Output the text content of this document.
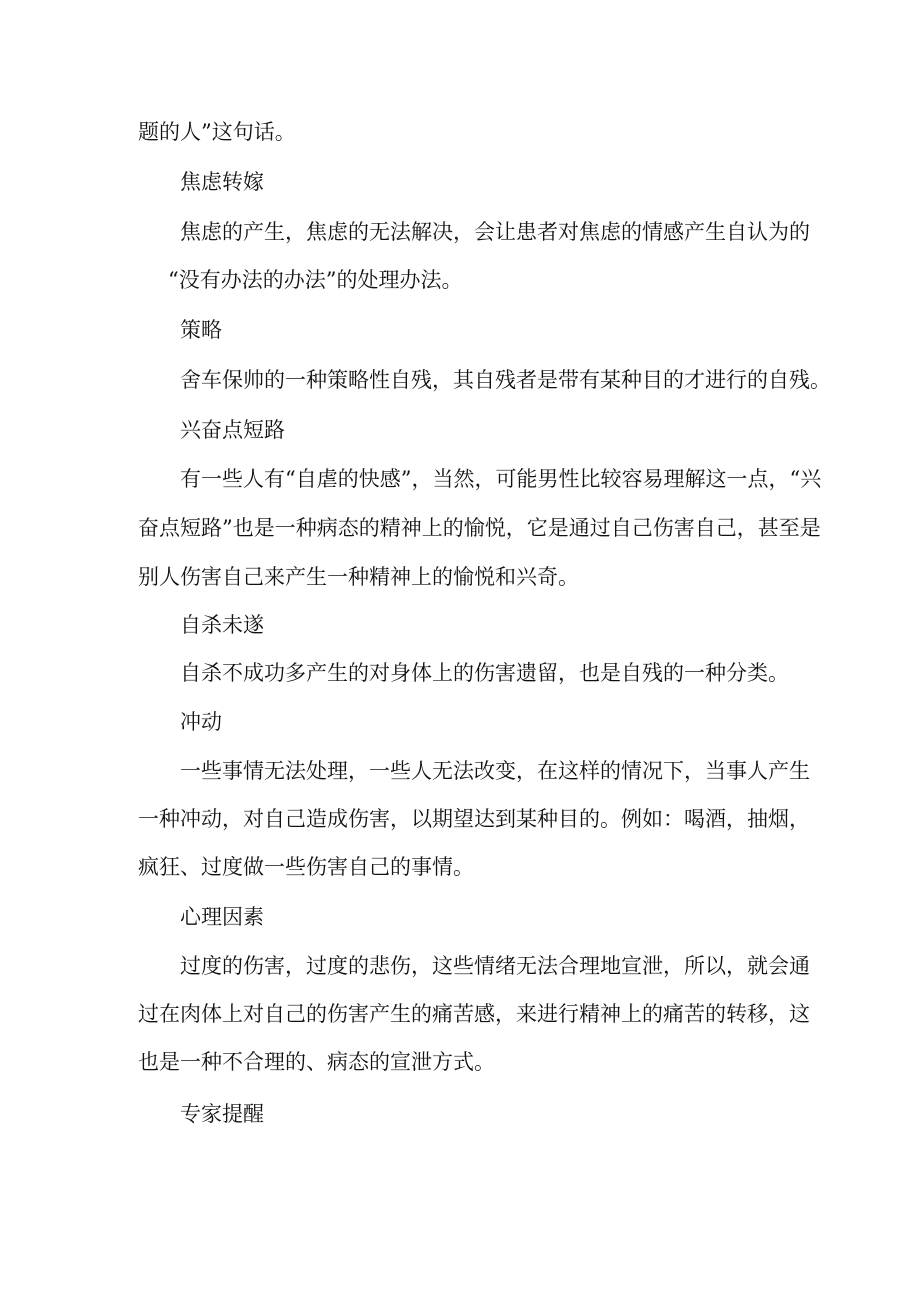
题的人”这句话。

焦虑转嫁

焦虑的产生，焦虑的无法解决，会让患者对焦虑的情感产生自认为的

“没有办法的办法”的处理办法。

策略

舍车保帅的一种策略性自残，其自残者是带有某种目的才进行的自残。

兴奋点短路

有一些人有“自虐的快感”，当然，可能男性比较容易理解这一点，“兴

奋点短路”也是一种病态的精神上的愉悦，它是通过自己伤害自己，甚至是

别人伤害自己来产生一种精神上的愉悦和兴奇。

自杀未遂

自杀不成功多产生的对身体上的伤害遗留，也是自残的一种分类。

冲动

一些事情无法处理，一些人无法改变，在这样的情况下，当事人产生

一种冲动，对自己造成伤害，以期望达到某种目的。例如：喝酒，抽烟，

疯狂、过度做一些伤害自己的事情。

心理因素

过度的伤害，过度的悲伤，这些情绪无法合理地宣泄，所以，就会通

过在肉体上对自己的伤害产生的痛苦感，来进行精神上的痛苦的转移，这

也是一种不合理的、病态的宣泄方式。

专家提醒
